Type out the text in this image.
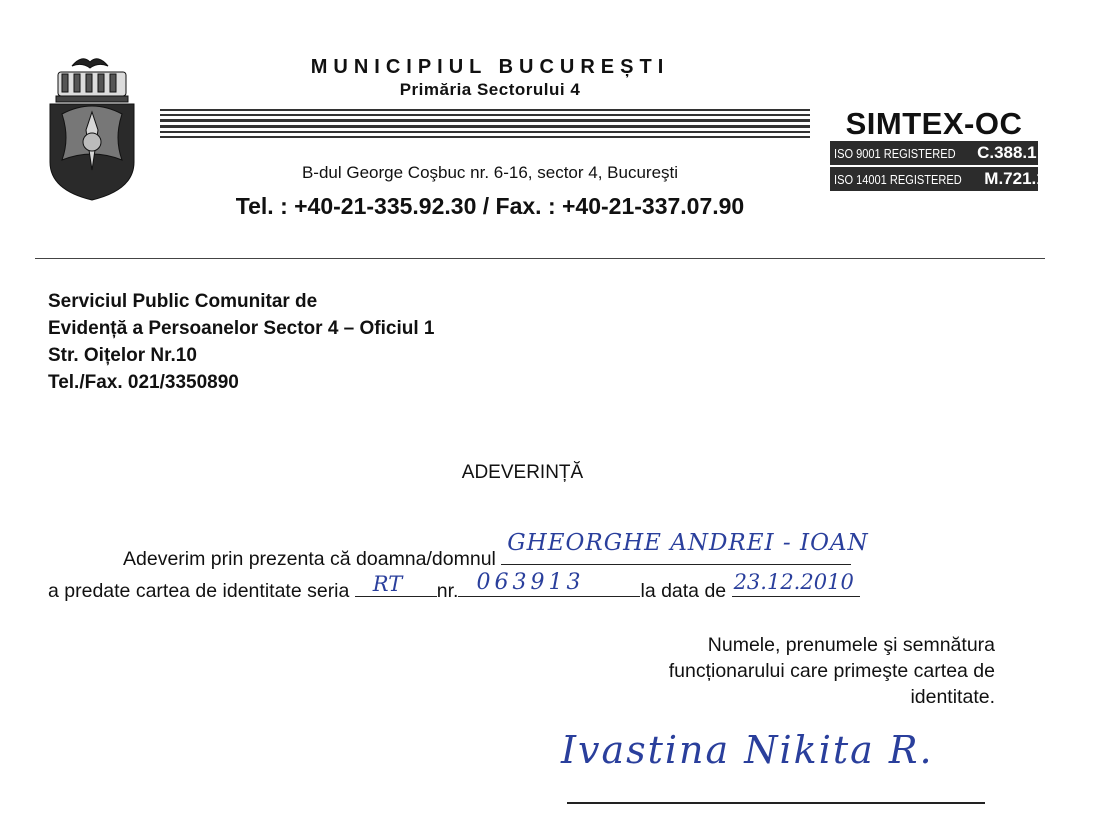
MUNICIPIUL BUCUREȘTI
Primăria Sectorului 4
B-dul George Coşbuc nr. 6-16, sector 4, Bucureşti
Tel. : +40-21-335.92.30 / Fax. : +40-21-337.07.90
SIMTEX-OC
ISO 9001 REGISTERED C.388.1
ISO 14001 REGISTERED M.721.1
Serviciul Public Comunitar de
Evidență a Persoanelor Sector 4 – Oficiul 1
Str. Oițelor Nr.10
Tel./Fax. 021/3350890
ADEVERINȚĂ
Adeverim prin prezenta că doamna/domnul
GHEORGHE ANDREI - IOAN
a predate cartea de identitate seria RT nr. 063913	la data de 23.12.2010
Numele, prenumele şi semnătura
funcționarului care primeşte cartea de
identitate.
Ivastina Nikita R.
